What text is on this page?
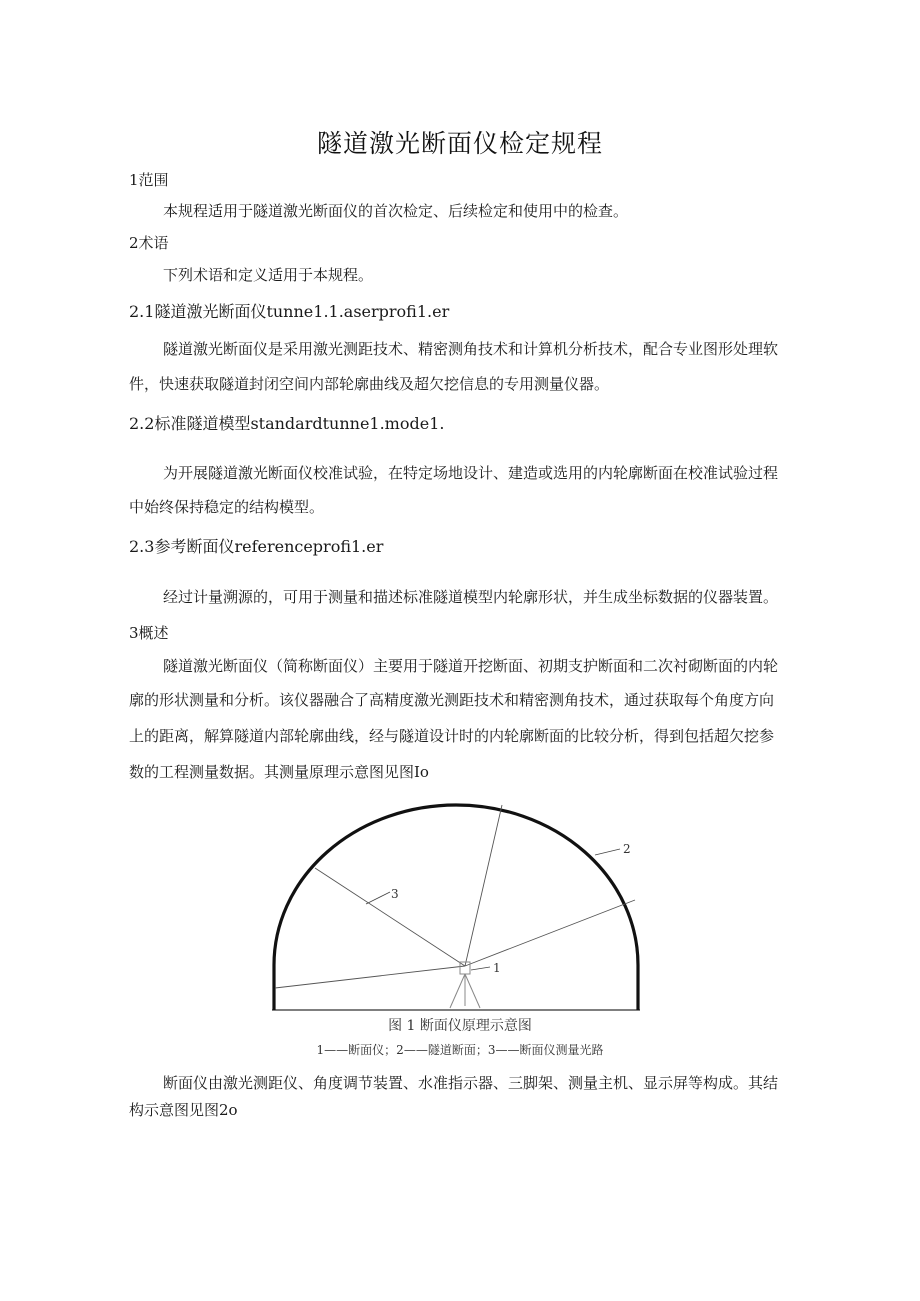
隧道激光断面仪检定规程
1范围
本规程适用于隧道激光断面仪的首次检定、后续检定和使用中的检查。
2术语
下列术语和定义适用于本规程。
2.1隧道激光断面仪tunne1.1.aserprofi1.er
隧道激光断面仪是采用激光测距技术、精密测角技术和计算机分析技术，配合专业图形处理软
件，快速获取隧道封闭空间内部轮廓曲线及超欠挖信息的专用测量仪器。
2.2标准隧道模型standardtunne1.mode1.
为开展隧道激光断面仪校准试验，在特定场地设计、建造或选用的内轮廓断面在校准试验过程
中始终保持稳定的结构模型。
2.3参考断面仪referenceprofi1.er
经过计量溯源的，可用于测量和描述标准隧道模型内轮廓形状，并生成坐标数据的仪器装置。
3概述
隧道激光断面仪（简称断面仪）主要用于隧道开挖断面、初期支护断面和二次衬砌断面的内轮
廓的形状测量和分析。该仪器融合了高精度激光测距技术和精密测角技术，通过获取每个角度方向
上的距离，解算隧道内部轮廓曲线，经与隧道设计时的内轮廓断面的比较分析，得到包括超欠挖参
数的工程测量数据。其测量原理示意图见图Io
1
2
3
图 1 断面仪原理示意图
1——断面仪；2——隧道断面；3——断面仪测量光路
断面仪由激光测距仪、角度调节装置、水准指示器、三脚架、测量主机、显示屏等构成。其结
构示意图见图2o
